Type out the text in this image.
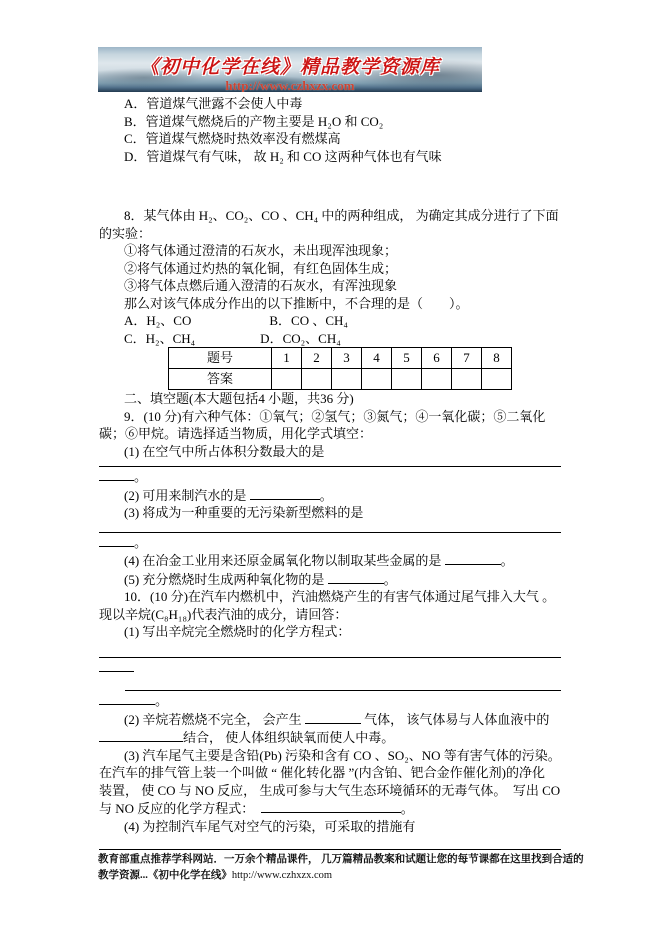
《初中化学在线》精品教学资源库
http://www.czhxzx.com
A．管道煤气泄露不会使人中毒
B．管道煤气燃烧后的产物主要是 H₂O 和 CO₂
C．管道煤气燃烧时热效率没有燃煤高
D．管道煤气有气味， 故 H₂ 和 CO 这两种气体也有气味
8．某气体由 H₂、CO₂、CO 、CH₄ 中的两种组成， 为确定其成分进行了下面
的实验：
①将气体通过澄清的石灰水，未出现浑浊现象；
②将气体通过灼热的氧化铜，有红色固体生成；
③将气体点燃后通入澄清的石灰水，有浑浊现象
那么对该气体成分作出的以下推断中，不合理的是（　　）。
A．H₂、CO　　　　　　B．CO 、CH₄
C．H₂、CH₄　　　　　D．CO₂、CH₄
题号	1	2	3	4	5	6	7	8
答案								
二、填空题(本大题包括4 小题，共36 分)
9．(10 分)有六种气体：①氧气；②氢气；③氮气；④一氧化碳；⑤二氧化
碳；⑥甲烷。请选择适当物质，用化学式填空：
(1) 在空气中所占体积分数最大的是
。
(2) 可用来制汽水的是	。
(3) 将成为一种重要的无污染新型燃料的是
。
(4) 在冶金工业用来还原金属氧化物以制取某些金属的是	。
(5) 充分燃烧时生成两种氧化物的是	。
10．(10 分)在汽车内燃机中，汽油燃烧产生的有害气体通过尾气排入大气 。
现以辛烷(C₈H₁₈)代表汽油的成分，请回答：
(1) 写出辛烷完全燃烧时的化学方程式：
。
(2) 辛烷若燃烧不完全， 会产生	气体， 该气体易与人体血液中的
结合， 使人体组织缺氧而使人中毒。
(3) 汽车尾气主要是含铅(Pb) 污染和含有 CO 、SO₂、NO 等有害气体的污染。
在汽车的排气管上装一个叫做 “ 催化转化器 ”(内含铂、钯合金作催化剂)的净化
装置， 使 CO 与 NO 反应， 生成可参与大气生态环境循环的无毒气体。  写出 CO
与 NO 反应的化学方程式：	。
(4) 为控制汽车尾气对空气的污染，可采取的措施有
教育部重点推荐学科网站．一万余个精品课件， 几万篇精品教案和试题让您的每节课都在这里找到合适的
教学资源...《初中化学在线》http://www.czhxzx.com
